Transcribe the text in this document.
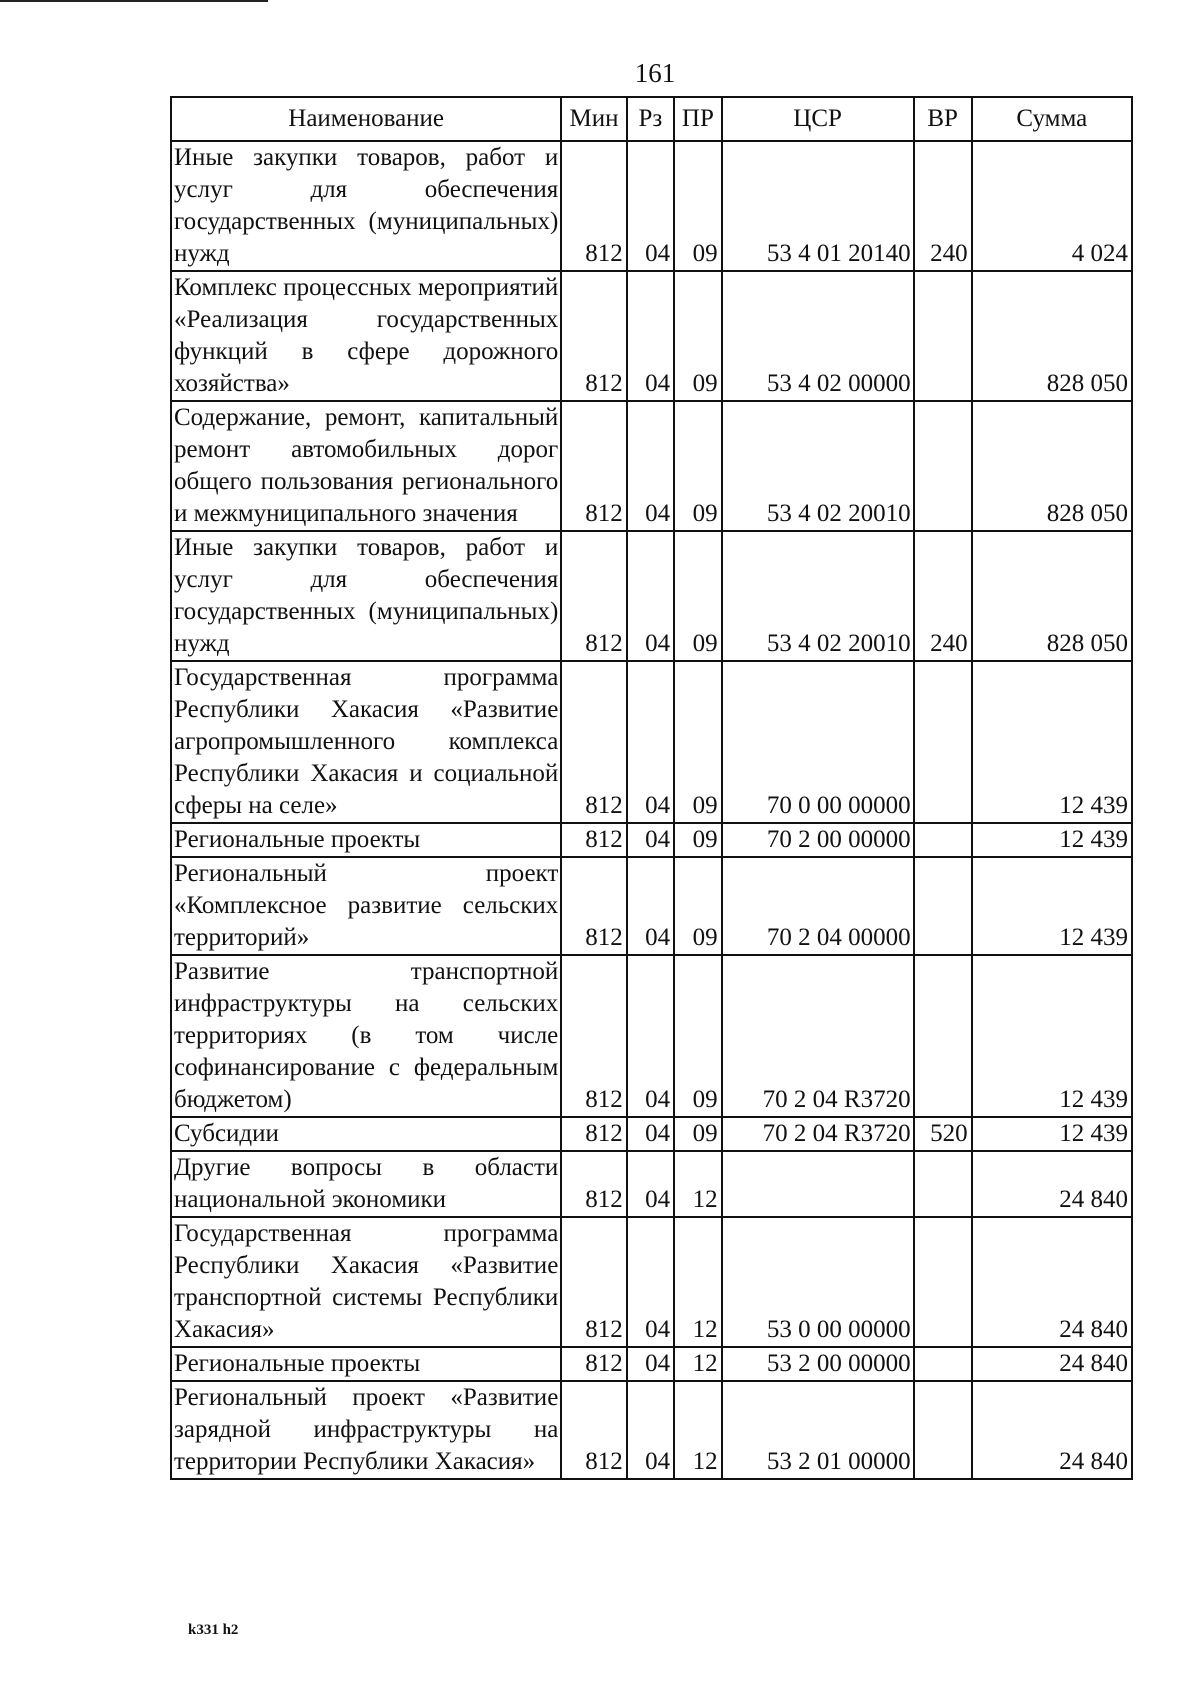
161
Наименование	Мин	Рз	ПР	ЦСР	ВР	Сумма
Иные закупки товаров, работ и услуг для обеспечения государственных (муниципальных) нужд	812	04	09	53 4 01 20140	240	4 024
Комплекс процессных мероприятий «Реализация государственных функций в сфере дорожного хозяйства»	812	04	09	53 4 02 00000		828 050
Содержание, ремонт, капитальный ремонт автомобильных дорог общего пользования регионального и межмуниципального значения	812	04	09	53 4 02 20010		828 050
Иные закупки товаров, работ и услуг для обеспечения государственных (муниципальных) нужд	812	04	09	53 4 02 20010	240	828 050
Государственная программа Республики Хакасия «Развитие агропромышленного комплекса Республики Хакасия и социальной сферы на селе»	812	04	09	70 0 00 00000		12 439
Региональные проекты	812	04	09	70 2 00 00000		12 439
Региональный проект «Комплексное развитие сельских территорий»	812	04	09	70 2 04 00000		12 439
Развитие транспортной инфраструктуры на сельских территориях (в том числе софинансирование с федеральным бюджетом)	812	04	09	70 2 04 R3720		12 439
Субсидии	812	04	09	70 2 04 R3720	520	12 439
Другие вопросы в области национальной экономики	812	04	12			24 840
Государственная программа Республики Хакасия «Развитие транспортной системы Республики Хакасия»	812	04	12	53 0 00 00000		24 840
Региональные проекты	812	04	12	53 2 00 00000		24 840
Региональный проект «Развитие зарядной инфраструктуры на территории Республики Хакасия»	812	04	12	53 2 01 00000		24 840
k331 h2
